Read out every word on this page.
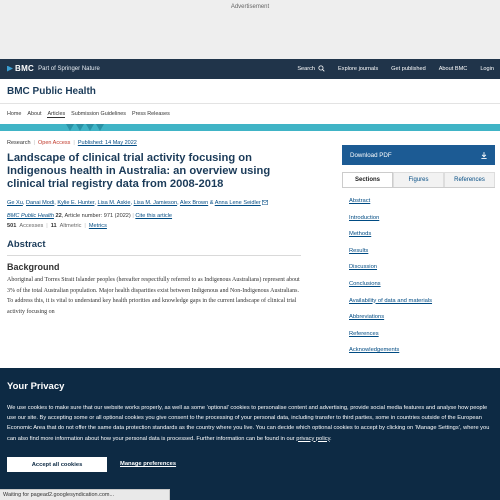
Advertisement
BMC Part of Springer Nature	Search	Explore journals Get published About BMC Login
BMC Public Health
Home About Articles Submission Guidelines Press Releases
Research | Open Access | Published: 14 May 2022
Landscape of clinical trial activity focusing on Indigenous health in Australia: an overview using clinical trial registry data from 2008-2018
Ge Xu, Danai Modi, Kylie E. Hunter, Lisa M. Askie, Lisa M. Jamieson, Alex Brown & Anna Lene Seidler
BMC Public Health 22, Article number: 971 (2022) | Cite this article
501 Accesses | 11 Altmetric | Metrics
Abstract
Background

Aboriginal and Torres Strait Islander peoples (hereafter respectfully referred to as Indigenous Australians) represent about 3% of the total Australian population. Major health disparities exist between Indigenous and Non-Indigenous Australians. To address this, it is vital to understand key health priorities and knowledge gaps in the current landscape of clinical trial activity focusing on

Download PDF
Sections	Figures	References
Abstract
Introduction
Methods
Results
Discussion
Conclusions
Availability of data and materials
Abbreviations
References
Acknowledgements
Your Privacy

We use cookies to make sure that our website works properly, as well as some ‘optional’ cookies to personalise content and advertising, provide social media features and analyse how people use our site. By accepting some or all optional cookies you give consent to the processing of your personal data, including transfer to third parties, some in countries outside of the European Economic Area that do not offer the same data protection standards as the country where you live. You can decide which optional cookies to accept by clicking on ‘Manage Settings’, where you can also find more information about how your personal data is processed. Further information can be found in our privacy policy.

Accept all cookies	Manage preferences
Waiting for pagead2.googlesyndication.com...
